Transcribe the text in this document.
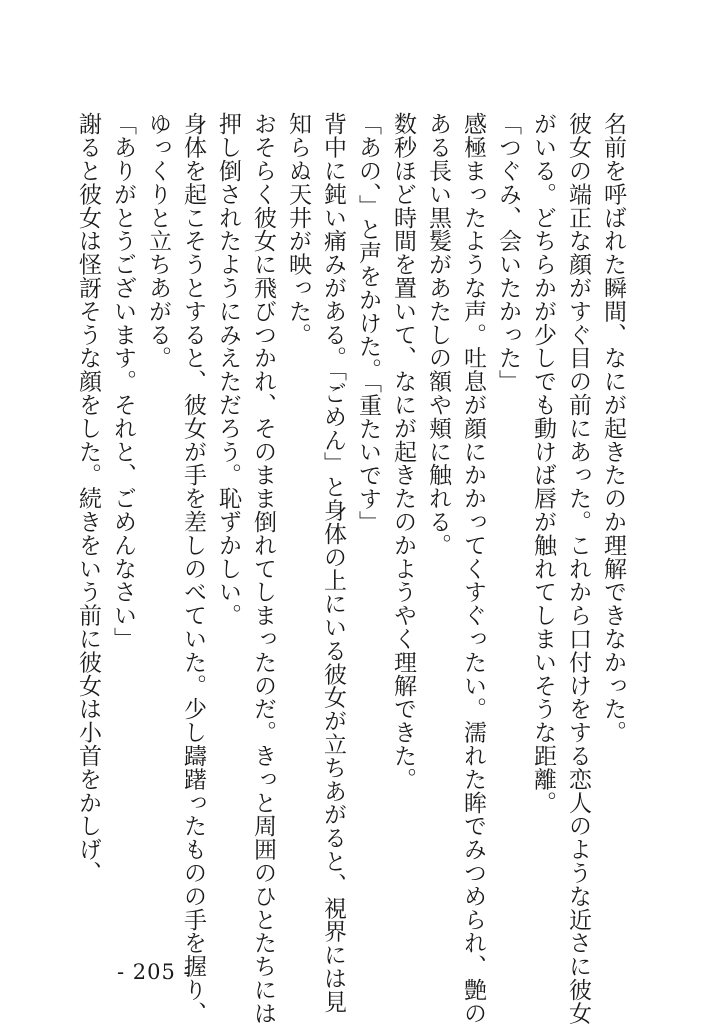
名前を呼ばれた瞬間、なにが起きたのか理解できなかった。
彼女の端正な顔がすぐ目の前にあった。これから口付けをする恋人のような近さに彼女
がいる。どちらかが少しでも動けば唇が触れてしまいそうな距離。
「つぐみ、会いたかった」
感極まったような声。吐息が顔にかかってくすぐったい。濡れた眸でみつめられ、艶の
ある長い黒髪があたしの額や頬に触れる。
数秒ほど時間を置いて、なにが起きたのかようやく理解できた。
「あの、」と声をかけた。「重たいです」
背中に鈍い痛みがある。「ごめん」と身体の上にいる彼女が立ちあがると、視界には見
知らぬ天井が映った。
おそらく彼女に飛びつかれ、そのまま倒れてしまったのだ。きっと周囲のひとたちには
押し倒されたようにみえただろう。恥ずかしい。
身体を起こそうとすると、彼女が手を差しのべていた。少し躊躇ったものの手を握り、
ゆっくりと立ちあがる。
「ありがとうございます。それと、ごめんなさい」
謝ると彼女は怪訝そうな顔をした。続きをいう前に彼女は小首をかしげ、
- 205 -
